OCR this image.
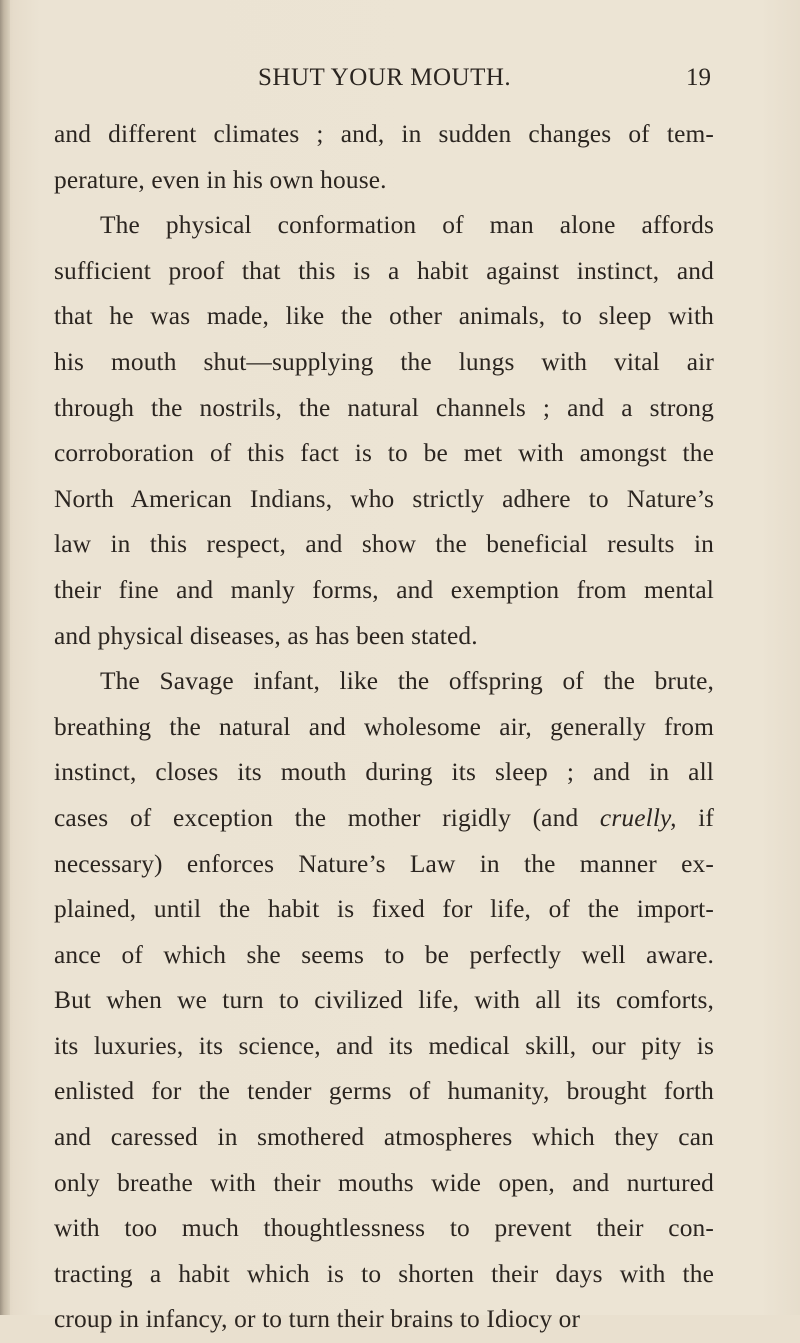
SHUT YOUR MOUTH.	19
and different climates ; and, in sudden changes of tem-
perature, even in his own house.
The physical conformation of man alone affords
sufficient proof that this is a habit against instinct, and
that he was made, like the other animals, to sleep with
his mouth shut—supplying the lungs with vital air
through the nostrils, the natural channels ; and a strong
corroboration of this fact is to be met with amongst the
North American Indians, who strictly adhere to Nature’s
law in this respect, and show the beneficial results in
their fine and manly forms, and exemption from mental
and physical diseases, as has been stated.
The Savage infant, like the offspring of the brute,
breathing the natural and wholesome air, generally from
instinct, closes its mouth during its sleep ; and in all
cases of exception the mother rigidly (and cruelly, if
necessary) enforces Nature’s Law in the manner ex-
plained, until the habit is fixed for life, of the import-
ance of which she seems to be perfectly well aware.
But when we turn to civilized life, with all its comforts,
its luxuries, its science, and its medical skill, our pity is
enlisted for the tender germs of humanity, brought forth
and caressed in smothered atmospheres which they can
only breathe with their mouths wide open, and nurtured
with too much thoughtlessness to prevent their con-
tracting a habit which is to shorten their days with the
croup in infancy, or to turn their brains to Idiocy or
